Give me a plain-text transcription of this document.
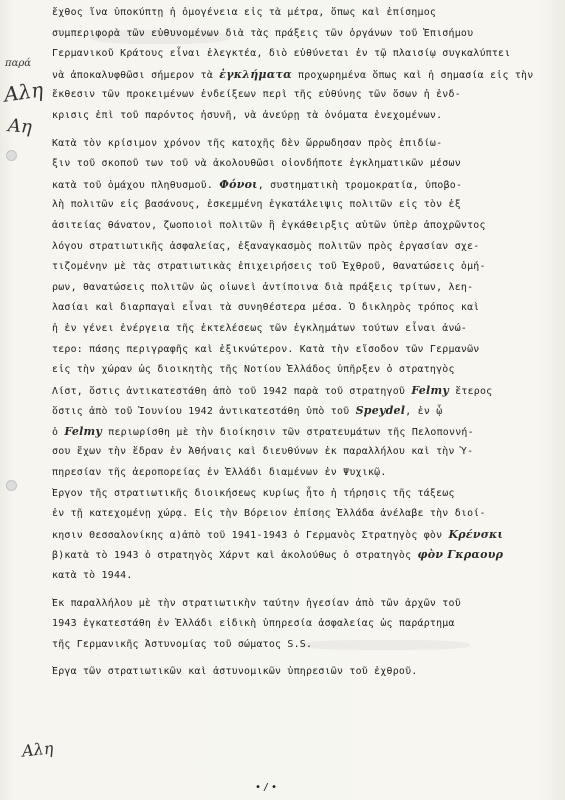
παρά
Αλη
Αη
Αλη
ἔχθος ἵνα ὑποκύπτῃ ἡ ὁμογένεια εἰς τὰ μέτρα, ὅπως καὶ ἐπίσημος
συμπεριφορὰ τῶν εὐθυνομένων διὰ τὰς πράξεις τῶν ὀργάνων τοῦ Ἐπισήμου
Γερμανικοῦ Κράτους εἶναι ἐλεγκτέα, διὸ εὐθύνεται ἐν τῷ πλαισίῳ συγκαλύπτει
νὰ ἀποκαλυφθῶσι σήμερον τὰ ἐγκλήματα προχωρημένα ὅπως καὶ ἡ σημασία εἰς τὴν
ἔκθεσιν τῶν προκειμένων ἐνδείξεων περὶ τῆς εὐθύνης τῶν ὅσων ἡ ἐνδ-
κρισις ἐπὶ τοῦ παρόντος ἠσυνῆ, νὰ ἀνεύρῃ τὰ ὀνόματα ἐνεχομένων.
Κατὰ τὸν κρίσιμον χρόνον τῆς κατοχῆς δὲν ὤρρωδησαν πρὸς ἐπιδίω-
ξιν τοῦ σκοποῦ των τοῦ νὰ ἀκολουθῶσι οἱονδήποτε ἐγκληματικῶν μέσων
κατὰ τοῦ ὁμάχου πληθυσμοῦ. Φόνοι, συστηματικὴ τρομοκρατία, ὑποβο-
λὴ πολιτῶν εἰς βασάνους, ἐσκεμμένη ἐγκατάλειψις πολιτῶν εἰς τὸν ἐξ
ἀσιτείας θάνατον, ζωοποιοὶ πολιτῶν ἢ ἐγκάθειρξις αὐτῶν ὑπὲρ ἀποχρῶντος
λόγου στρατιωτικῆς ἀσφαλείας, ἐξαναγκασμὸς πολιτῶν πρὸς ἐργασίαν σχε-
τιζομένην μὲ τὰς στρατιωτικὰς ἐπιχειρήσεις τοῦ Ἐχθροῦ, θανατώσεις ὁμή-
ρων, θανατώσεις πολιτῶν ὡς οἰωνεὶ ἀντίποινα διὰ πράξεις τρίτων, λεη-
λασίαι καὶ διαρπαγαὶ εἶναι τὰ συνηθέστερα μέσα. Ὁ δικληρὸς τρόπος καὶ
ἡ ἐν γένει ἐνέργεια τῆς ἐκτελέσεως τῶν ἐγκλημάτων τούτων εἶναι ἀνώ-
τερο: πάσης περιγραφῆς καὶ ἐξικνώτερον. Κατὰ τὴν εἴσοδον τῶν Γερμανῶν
εἰς τὴν χώραν ὡς διοικητὴς τῆς Νοτίου Ἑλλάδος ὑπῆρξεν ὁ στρατηγὸς
Λίστ, ὅστις ἀντικατεστάθη ἀπὸ τοῦ 1942 παρὰ τοῦ στρατηγοῦ Felmy ἕτερος
ὅστις ἀπὸ τοῦ Ἰουνίου 1942 ἀντικατεστάθη ὑπὸ τοῦ Speydel, ἐν ᾧ
ὁ Felmy περιωρίσθη μὲ τὴν διοίκησιν τῶν στρατευμάτων τῆς Πελοποννή-
σου ἔχων τὴν ἕδραν ἐν Ἀθήναις καὶ διευθύνων ἐκ παραλλήλου καὶ τὴν Ὑ-
πηρεσίαν τῆς ἀεροπορείας ἐν Ἑλλάδι διαμένων ἐν Ψυχικῷ.
Ἔργον τῆς στρατιωτικῆς διοικήσεως κυρίως ἦτο ἡ τήρησις τῆς τάξεως
ἐν τῇ κατεχομένῃ χώρᾳ. Εἰς τὴν Βόρειον ἐπίσης Ἑλλάδα ἀνέλαβε τὴν διοί-
κησιν Θεσσαλονίκης α)ἀπὸ τοῦ 1941-1943 ὁ Γερμανὸς Στρατηγὸς φὸν Κρένσκι
β)κατὰ τὸ 1943 ὁ στρατηγὸς Χάρντ καὶ ἀκολούθως ὁ στρατηγὸς φὸν Γκραουρ
κατὰ τὸ 1944.
Ἐκ παραλλήλου μὲ τὴν στρατιωτικὴν ταύτην ἡγεσίαν ἀπὸ τῶν ἀρχῶν τοῦ
1943 ἐγκατεστάθη ἐν Ἑλλάδι εἰδικὴ ὑπηρεσία ἀσφαλείας ὡς παράρτημα
τῆς Γερμανικῆς Ἀστυνομίας τοῦ σώματος S.S.
Ἔργα τῶν στρατιωτικῶν καὶ ἀστυνομικῶν ὑπηρεσιῶν τοῦ ἐχθροῦ.
•/•
